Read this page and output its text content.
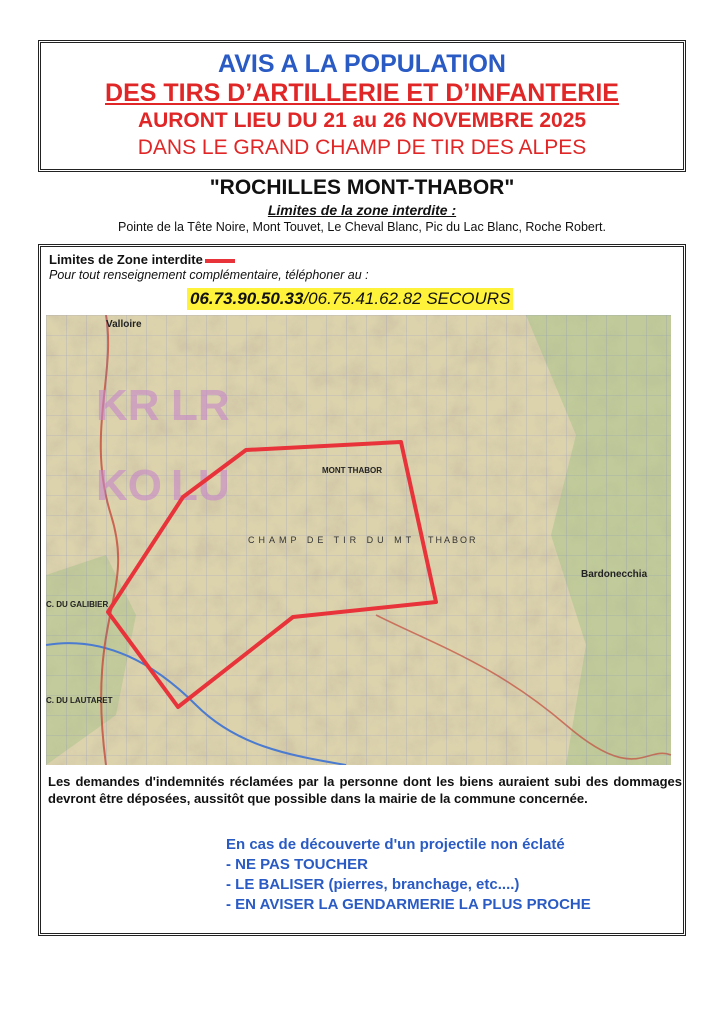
AVIS A LA POPULATION
DES TIRS D’ARTILLERIE ET D’INFANTERIE
AURONT LIEU DU 21 au 26 NOVEMBRE 2025
DANS LE GRAND CHAMP DE TIR DES ALPES
"ROCHILLES MONT-THABOR"
Limites de la zone interdite :
Pointe de la Tête Noire, Mont Touvet, Le Cheval Blanc, Pic du Lac Blanc, Roche Robert.
Limites de Zone interdite
Pour tout renseignement complémentaire, téléphoner au :
06.73.90.50.33/06.75.41.62.82 SECOURS
KR LR
KO LU
Valloire
MONT THABOR
CHAMP DE TIR DU MT THABOR
C. DU GALIBIER
Bardonecchia
C. DU LAUTARET
Les demandes d'indemnités réclamées par la personne dont les biens auraient subi des dommages devront être déposées, aussitôt que possible dans la mairie de la commune concernée.
En cas de découverte d'un projectile non éclaté
- NE PAS TOUCHER
- LE BALISER (pierres, branchage, etc....)
- EN AVISER LA GENDARMERIE LA PLUS PROCHE
